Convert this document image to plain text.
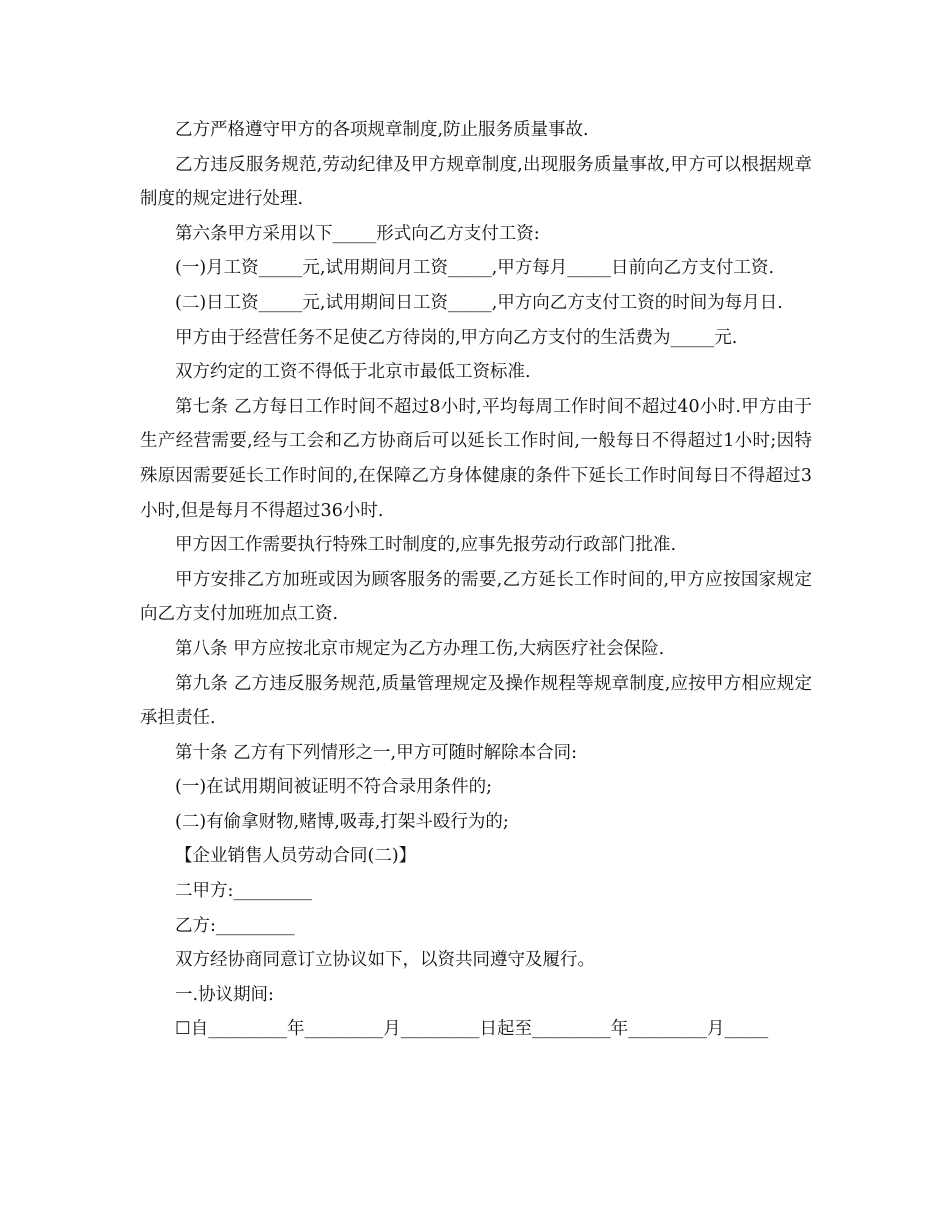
乙方严格遵守甲方的各项规章制度,防止服务质量事故.

乙方违反服务规范,劳动纪律及甲方规章制度,出现服务质量事故,甲方可以根据规章制度的规定进行处理.

第六条甲方采用以下_____形式向乙方支付工资:

(一)月工资_____元,试用期间月工资_____,甲方每月_____日前向乙方支付工资.

(二)日工资_____元,试用期间日工资_____,甲方向乙方支付工资的时间为每月日.

甲方由于经营任务不足使乙方待岗的,甲方向乙方支付的生活费为_____元.

双方约定的工资不得低于北京市最低工资标准.

第七条 乙方每日工作时间不超过8小时,平均每周工作时间不超过40小时.甲方由于生产经营需要,经与工会和乙方协商后可以延长工作时间,一般每日不得超过1小时;因特殊原因需要延长工作时间的,在保障乙方身体健康的条件下延长工作时间每日不得超过3小时,但是每月不得超过36小时.

甲方因工作需要执行特殊工时制度的,应事先报劳动行政部门批准.

甲方安排乙方加班或因为顾客服务的需要,乙方延长工作时间的,甲方应按国家规定向乙方支付加班加点工资.

第八条 甲方应按北京市规定为乙方办理工伤,大病医疗社会保险.

第九条 乙方违反服务规范,质量管理规定及操作规程等规章制度,应按甲方相应规定承担责任.

第十条 乙方有下列情形之一,甲方可随时解除本合同:

(一)在试用期间被证明不符合录用条件的;

(二)有偷拿财物,赌博,吸毒,打架斗殴行为的;

【企业销售人员劳动合同(二)】

二甲方:_________

乙方:_________

双方经协商同意订立协议如下，以资共同遵守及履行。

一.协议期间:

☐自_________年_________月_________日起至_________年_________月_____
